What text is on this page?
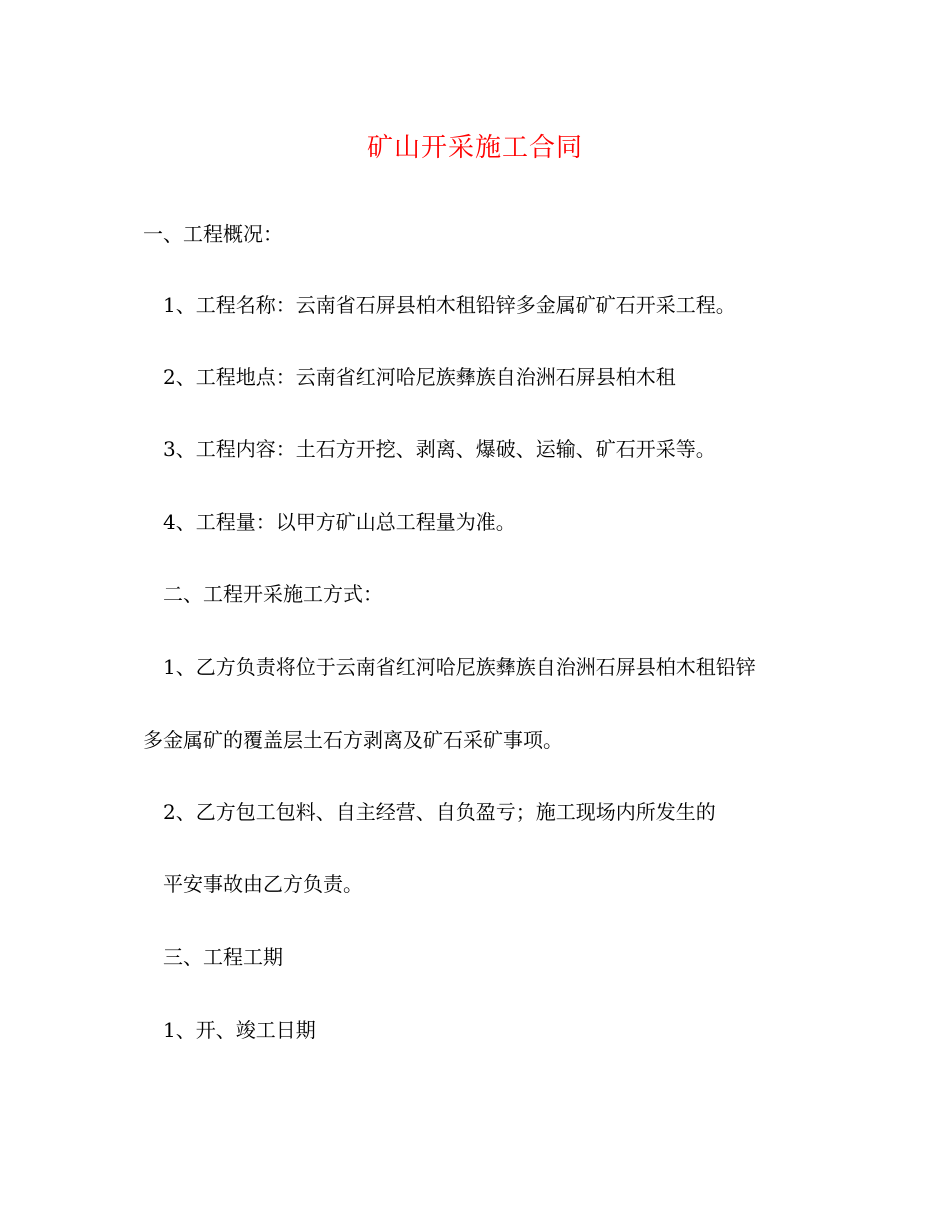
矿山开采施工合同
一、工程概况：
1、工程名称：云南省石屏县柏木租铅锌多金属矿矿石开采工程。
2、工程地点：云南省红河哈尼族彝族自治洲石屏县柏木租
3、工程内容：土石方开挖、剥离、爆破、运输、矿石开采等。
4、工程量：以甲方矿山总工程量为准。
二、工程开采施工方式：
1、乙方负责将位于云南省红河哈尼族彝族自治洲石屏县柏木租铅锌
多金属矿的覆盖层土石方剥离及矿石采矿事项。
2、乙方包工包料、自主经营、自负盈亏；施工现场内所发生的
平安事故由乙方负责。
三、工程工期
1、开、竣工日期
